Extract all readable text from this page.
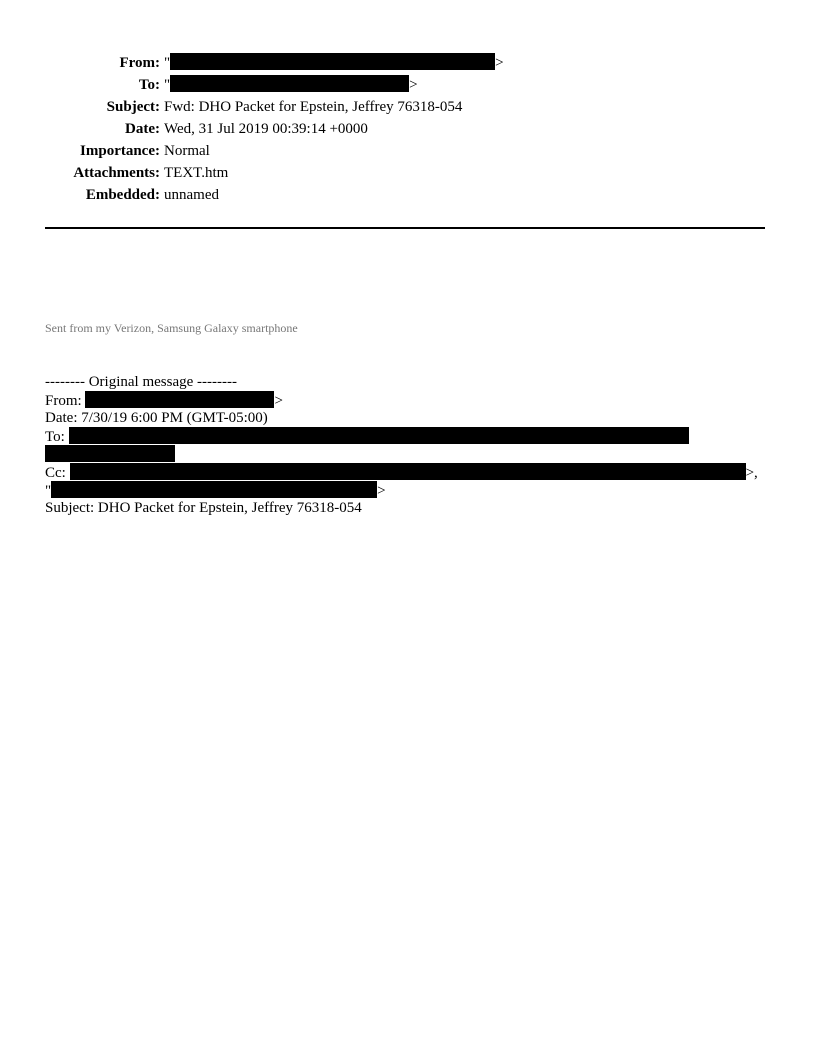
From: "	>
To: "	>
Subject: Fwd: DHO Packet for Epstein, Jeffrey 76318-054
Date: Wed, 31 Jul 2019 00:39:14 +0000
Importance: Normal
Attachments: TEXT.htm
Embedded: unnamed
Sent from my Verizon, Samsung Galaxy smartphone
-------- Original message --------
From:	>
Date: 7/30/19 6:00 PM (GMT-05:00)
To:
Cc:	>,
"	>
Subject: DHO Packet for Epstein, Jeffrey 76318-054
